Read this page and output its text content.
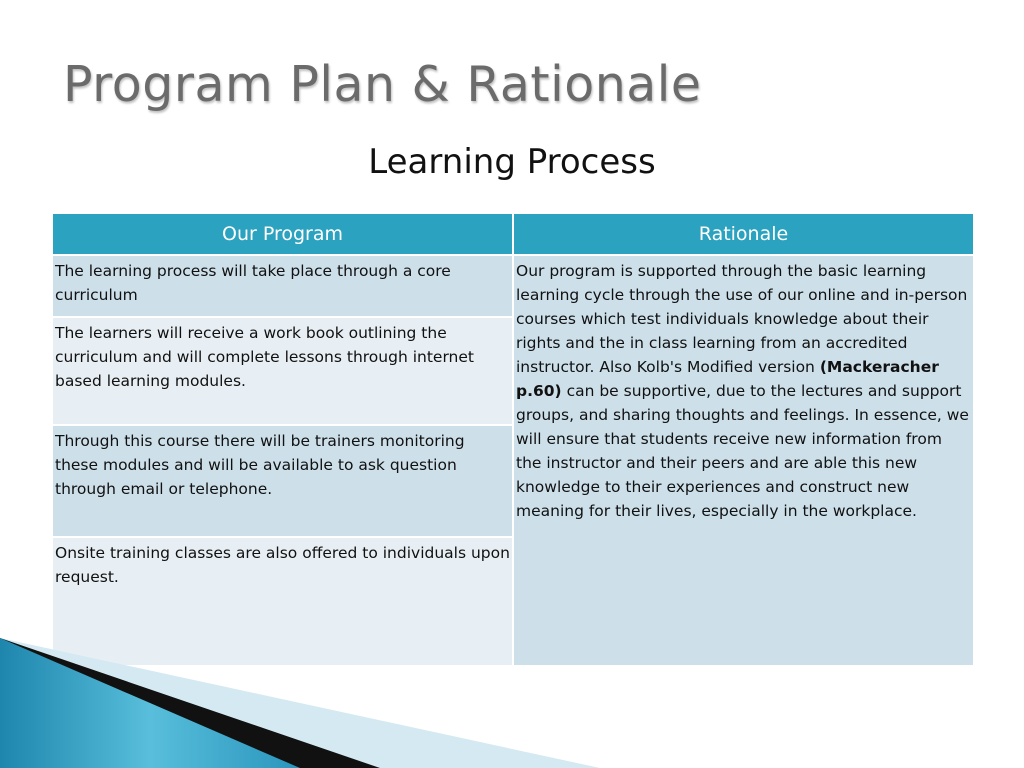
Program Plan & Rationale
Learning Process
Our Program	Rationale
The learning process will take place through a core curriculum	Our program is supported through the basic learning learning cycle through the use of our online and in-person courses which test individuals knowledge about their rights and the in class learning from an accredited instructor. Also Kolb's Modified version (Mackeracher p.60) can be supportive, due to the lectures and support groups, and sharing thoughts and feelings. In essence, we will ensure that students receive new information from the instructor and their peers and are able this new knowledge to their experiences and construct new meaning for their lives, especially in the workplace.
The learners will receive a work book outlining the curriculum and will complete lessons through internet based learning modules.	
Through this course there will be trainers monitoring these modules and will be available to ask question through email or telephone.	
Onsite training classes are also offered to individuals upon request.	
